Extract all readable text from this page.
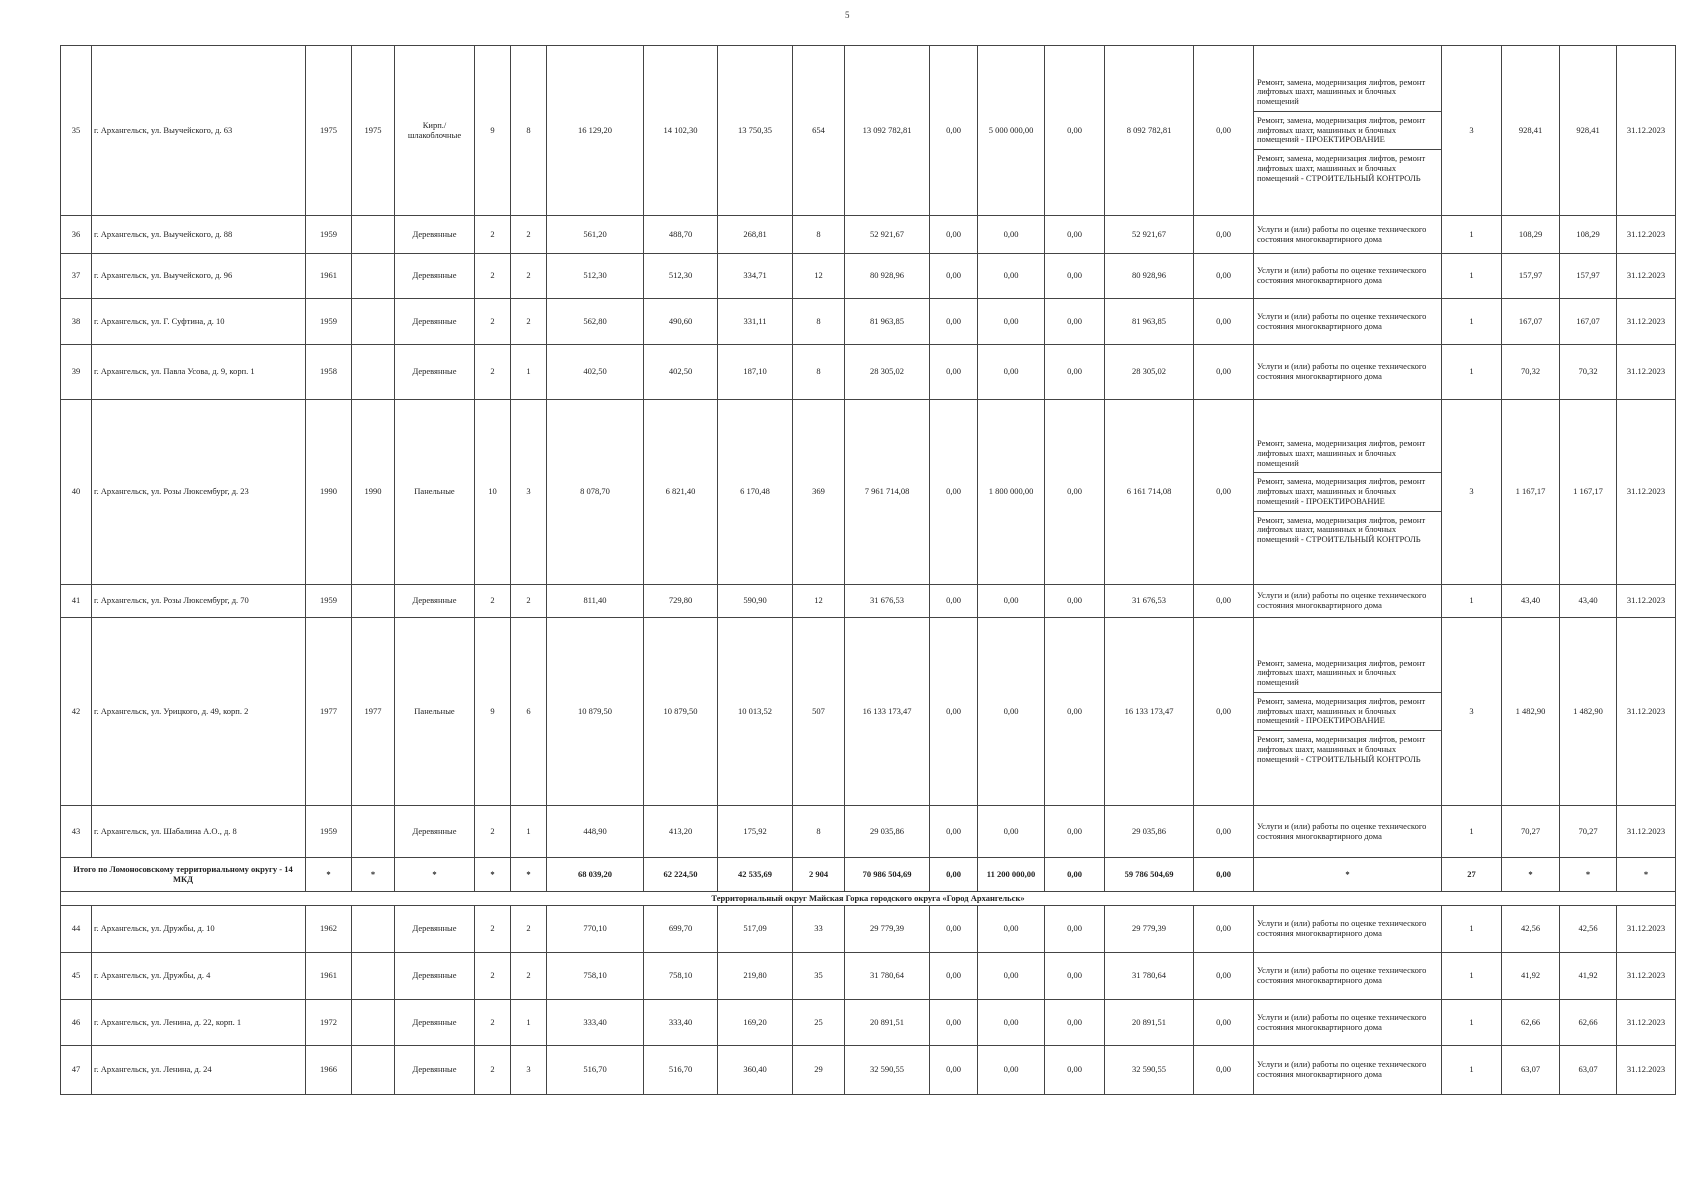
5
35	г. Архангельск, ул. Выучейского, д. 63	1975	1975	Кирп./ шлакоблочные	9	8	16 129,20	14 102,30	13 750,35	654	13 092 782,81	0,00	5 000 000,00	0,00	8 092 782,81	0,00	Ремонт, замена, модернизация лифтов, ремонт лифтовых шахт, машинных и блочных помещений
Ремонт, замена, модернизация лифтов, ремонт лифтовых шахт, машинных и блочных помещений - ПРОЕКТИРОВАНИЕ
Ремонт, замена, модернизация лифтов, ремонт лифтовых шахт, машинных и блочных помещений - СТРОИТЕЛЬНЫЙ КОНТРОЛЬ	3	928,41	928,41	31.12.2023
36	г. Архангельск, ул. Выучейского, д. 88	1959		Деревянные	2	2	561,20	488,70	268,81	8	52 921,67	0,00	0,00	0,00	52 921,67	0,00	Услуги и (или) работы по оценке технического состояния многоквартирного дома	1	108,29	108,29	31.12.2023
37	г. Архангельск, ул. Выучейского, д. 96	1961		Деревянные	2	2	512,30	512,30	334,71	12	80 928,96	0,00	0,00	0,00	80 928,96	0,00	Услуги и (или) работы по оценке технического состояния многоквартирного дома	1	157,97	157,97	31.12.2023
38	г. Архангельск, ул. Г. Суфтина, д. 10	1959		Деревянные	2	2	562,80	490,60	331,11	8	81 963,85	0,00	0,00	0,00	81 963,85	0,00	Услуги и (или) работы по оценке технического состояния многоквартирного дома	1	167,07	167,07	31.12.2023
39	г. Архангельск, ул. Павла Усова, д. 9, корп. 1	1958		Деревянные	2	1	402,50	402,50	187,10	8	28 305,02	0,00	0,00	0,00	28 305,02	0,00	Услуги и (или) работы по оценке технического состояния многоквартирного дома	1	70,32	70,32	31.12.2023
40	г. Архангельск, ул. Розы Люксембург, д. 23	1990	1990	Панельные	10	3	8 078,70	6 821,40	6 170,48	369	7 961 714,08	0,00	1 800 000,00	0,00	6 161 714,08	0,00	Ремонт, замена, модернизация лифтов, ремонт лифтовых шахт, машинных и блочных помещений
Ремонт, замена, модернизация лифтов, ремонт лифтовых шахт, машинных и блочных помещений - ПРОЕКТИРОВАНИЕ
Ремонт, замена, модернизация лифтов, ремонт лифтовых шахт, машинных и блочных помещений - СТРОИТЕЛЬНЫЙ КОНТРОЛЬ	3	1 167,17	1 167,17	31.12.2023
41	г. Архангельск, ул. Розы Люксембург, д. 70	1959		Деревянные	2	2	811,40	729,80	590,90	12	31 676,53	0,00	0,00	0,00	31 676,53	0,00	Услуги и (или) работы по оценке технического состояния многоквартирного дома	1	43,40	43,40	31.12.2023
42	г. Архангельск, ул. Урицкого, д. 49, корп. 2	1977	1977	Панельные	9	6	10 879,50	10 879,50	10 013,52	507	16 133 173,47	0,00	0,00	0,00	16 133 173,47	0,00	Ремонт, замена, модернизация лифтов, ремонт лифтовых шахт, машинных и блочных помещений
Ремонт, замена, модернизация лифтов, ремонт лифтовых шахт, машинных и блочных помещений - ПРОЕКТИРОВАНИЕ
Ремонт, замена, модернизация лифтов, ремонт лифтовых шахт, машинных и блочных помещений - СТРОИТЕЛЬНЫЙ КОНТРОЛЬ	3	1 482,90	1 482,90	31.12.2023
43	г. Архангельск, ул. Шабалина А.О., д. 8	1959		Деревянные	2	1	448,90	413,20	175,92	8	29 035,86	0,00	0,00	0,00	29 035,86	0,00	Услуги и (или) работы по оценке технического состояния многоквартирного дома	1	70,27	70,27	31.12.2023
Итого по Ломоносовскому территориальному округу - 14 МКД		*	*	*	*	*	68 039,20	62 224,50	42 535,69	2 904	70 986 504,69	0,00	11 200 000,00	0,00	59 786 504,69	0,00	*	27	*	*	*
Территориальный округ Майская Горка городского округа «Город Архангельск»																					
44	г. Архангельск, ул. Дружбы, д. 10	1962		Деревянные	2	2	770,10	699,70	517,09	33	29 779,39	0,00	0,00	0,00	29 779,39	0,00	Услуги и (или) работы по оценке технического состояния многоквартирного дома	1	42,56	42,56	31.12.2023
45	г. Архангельск, ул. Дружбы, д. 4	1961		Деревянные	2	2	758,10	758,10	219,80	35	31 780,64	0,00	0,00	0,00	31 780,64	0,00	Услуги и (или) работы по оценке технического состояния многоквартирного дома	1	41,92	41,92	31.12.2023
46	г. Архангельск, ул. Ленина, д. 22, корп. 1	1972		Деревянные	2	1	333,40	333,40	169,20	25	20 891,51	0,00	0,00	0,00	20 891,51	0,00	Услуги и (или) работы по оценке технического состояния многоквартирного дома	1	62,66	62,66	31.12.2023
47	г. Архангельск, ул. Ленина, д. 24	1966		Деревянные	2	3	516,70	516,70	360,40	29	32 590,55	0,00	0,00	0,00	32 590,55	0,00	Услуги и (или) работы по оценке технического состояния многоквартирного дома	1	63,07	63,07	31.12.2023
